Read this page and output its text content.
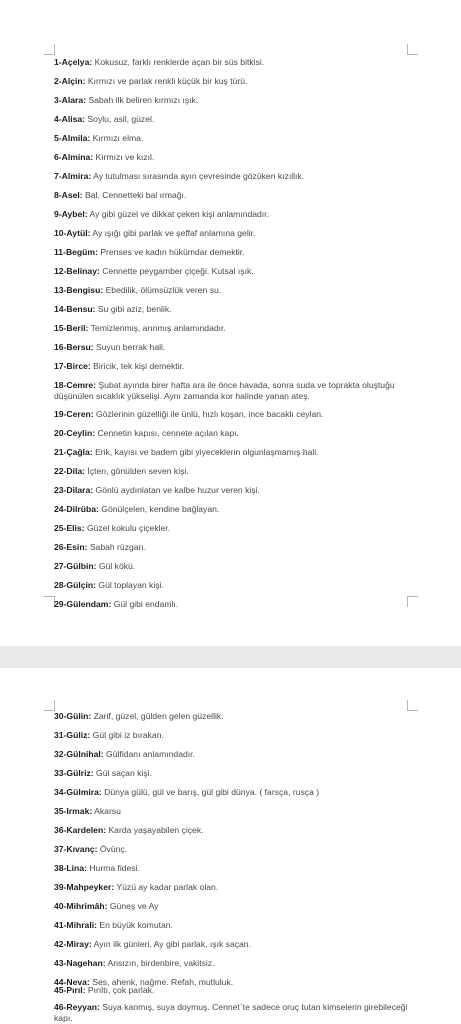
1-Açelya: Kokusuz, farklı renklerde açan bir süs bitkisi.
2-Alçin: Kırmızı ve parlak renkli küçük bir kuş türü.
3-Alara: Sabah ilk beliren kırmızı ışık.
4-Alisa: Soylu, asil, güzel.
5-Almila: Kırmızı elma.
6-Almina: Kırmızı ve kızıl.
7-Almira: Ay tutulması sırasında ayın çevresinde gözüken kızıllık.
8-Asel: Bal. Cennetteki bal ırmağı.
9-Aybel: Ay gibi güzel ve dikkat çeken kişi anlamındadır.
10-Aytül: Ay ışığı gibi parlak ve şeffaf anlamına gelir.
11-Begüm: Prenses ve kadın hükümdar demektir.
12-Belinay: Cennette peygamber çiçeği. Kutsal ışık.
13-Bengisu: Ebedilik, ölümsüzlük veren su.
14-Bensu: Su gibi aziz, benlik.
15-Beril: Temizlenmiş, arınmış anlamındadır.
16-Bersu: Suyun berrak hali.
17-Birce: Biricik, tek kişi demektir.
18-Cemre: Şubat ayında birer hafta ara ile önce havada, sonra suda ve toprakta oluştuğu düşünülen sıcaklık yükselişi. Aynı zamanda kor halinde yanan ateş.
19-Ceren: Gözlerinin güzelliği ile ünlü, hızlı koşan, ince bacaklı ceylan.
20-Ceylin: Cennetin kapısı, cennete açılan kapı.
21-Çağla: Erik, kayısı ve badem gibi yiyeceklerin olgunlaşmamış hali.
22-Dila: İçten, gönülden seven kişi.
23-Dilara: Gönlü aydınlatan ve kalbe huzur veren kişi.
24-Dilrüba: Gönülçelen, kendine bağlayan.
25-Elis: Güzel kokulu çiçekler.
26-Esin: Sabah rüzgarı.
27-Gülbin: Gül kökü.
28-Gülçin: Gül toplayan kişi.
29-Gülendam: Gül gibi endamlı.
30-Gülin: Zarif, güzel, gülden gelen güzellik.
31-Güliz: Gül gibi iz bırakan.
32-Gülnihal: Gülfidanı anlamındadır.
33-Gülriz: Gül saçan kişi.
34-Gülmira: Dünya gülü, gül ve barış, gül gibi dünya. ( farsça, rusça )
35-Irmak: Akarsu
36-Kardelen: Karda yaşayabilen çiçek.
37-Kıvanç: Övünç.
38-Lina: Hurma fidesi.
39-Mahpeyker: Yüzü ay kadar parlak olan.
40-Mihrimâh: Güneş ve Ay
41-Mihrali: En büyük komutan.
42-Miray: Ayın ilk günleri. Ay gibi parlak, ışık saçan.
43-Nagehan: Ansızın, birdenbire, vakitsiz.
44-Neva: Ses, ahenk, nağme. Refah, mutluluk.
45-Pırıl: Pırıltı, çok parlak.
46-Reyyan: Suya kanmış, suya doymuş. Cennet`te sadece oruç tutan kimselerin girebileceği kapı.
